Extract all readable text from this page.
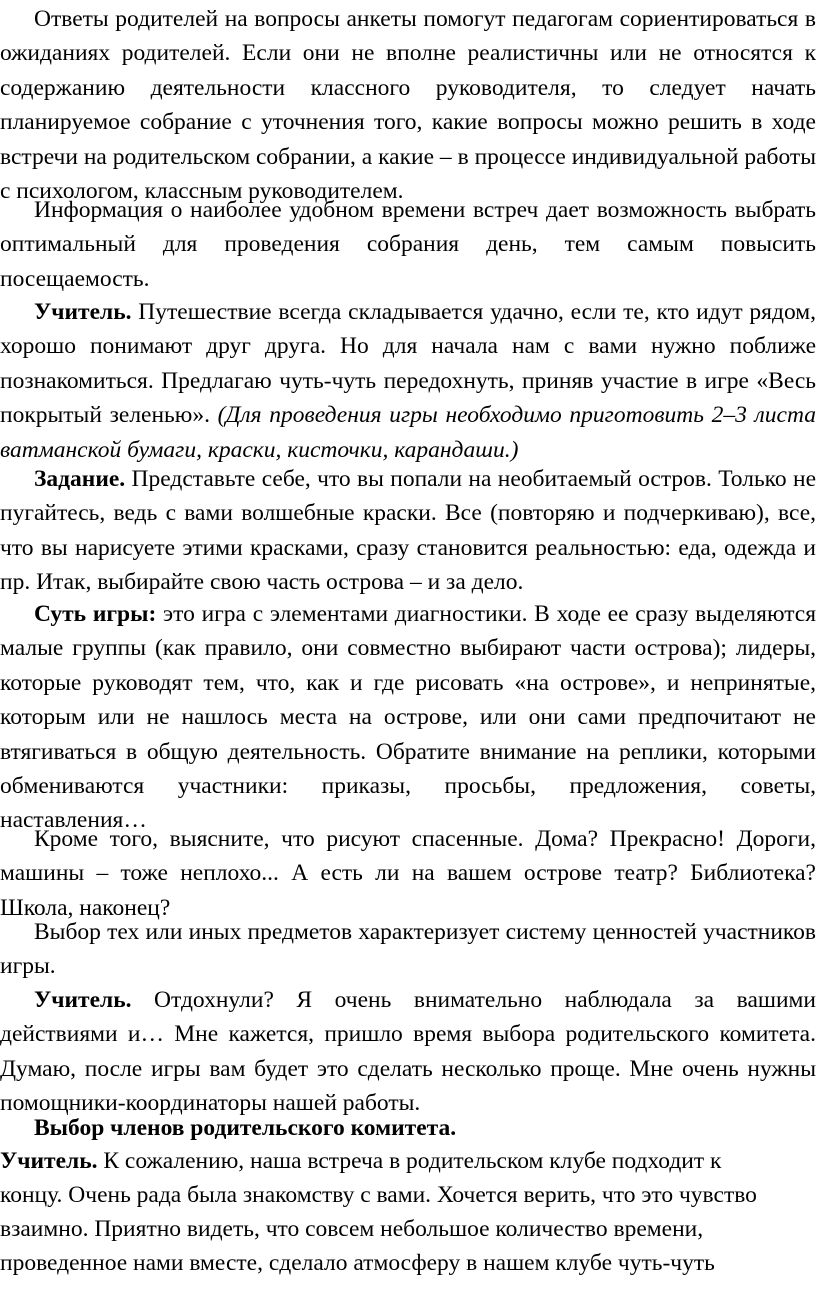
Ответы родителей на вопросы анкеты помогут педагогам сориентироваться в ожиданиях родителей. Если они не вполне реалистичны или не относятся к содержанию деятельности классного руководителя, то следует начать планируемое собрание с уточнения того, какие вопросы можно решить в ходе встречи на родительском собрании, а какие – в процессе индивидуальной работы с психологом, классным руководителем.

Информация о наиболее удобном времени встреч дает возможность выбрать оптимальный для проведения собрания день, тем самым повысить посещаемость.

Учитель. Путешествие всегда складывается удачно, если те, кто идут рядом, хорошо понимают друг друга. Но для начала нам с вами нужно поближе познакомиться. Предлагаю чуть-чуть передохнуть, приняв участие в игре «Весь покрытый зеленью». (Для проведения игры необходимо приготовить 2–3 листа ватманской бумаги, краски, кисточки, карандаши.)

Задание. Представьте себе, что вы попали на необитаемый остров. Только не пугайтесь, ведь с вами волшебные краски. Все (повторяю и подчеркиваю), все, что вы нарисуете этими красками, сразу становится реальностью: еда, одежда и пр. Итак, выбирайте свою часть острова – и за дело.

Суть игры: это игра с элементами диагностики. В ходе ее сразу выделяются малые группы (как правило, они совместно выбирают части острова); лидеры, которые руководят тем, что, как и где рисовать «на острове», и непринятые, которым или не нашлось места на острове, или они сами предпочитают не втягиваться в общую деятельность. Обратите внимание на реплики, которыми обмениваются участники: приказы, просьбы, предложения, советы, наставления…

Кроме того, выясните, что рисуют спасенные. Дома? Прекрасно! Дороги, машины – тоже неплохо... А есть ли на вашем острове театр? Библиотека? Школа, наконец?

Выбор тех или иных предметов характеризует систему ценностей участников игры.

Учитель. Отдохнули? Я очень внимательно наблюдала за вашими действиями и… Мне кажется, пришло время выбора родительского комитета. Думаю, после игры вам будет это сделать несколько проще. Мне очень нужны помощники-координаторы нашей работы.

Выбор членов родительского комитета.

Учитель. К сожалению, наша встреча в родительском клубе подходит к

концу. Очень рада была знакомству с вами. Хочется верить, что это чувство

взаимно. Приятно видеть, что совсем небольшое количество времени,

проведенное нами вместе, сделало атмосферу в нашем клубе чуть-чуть
